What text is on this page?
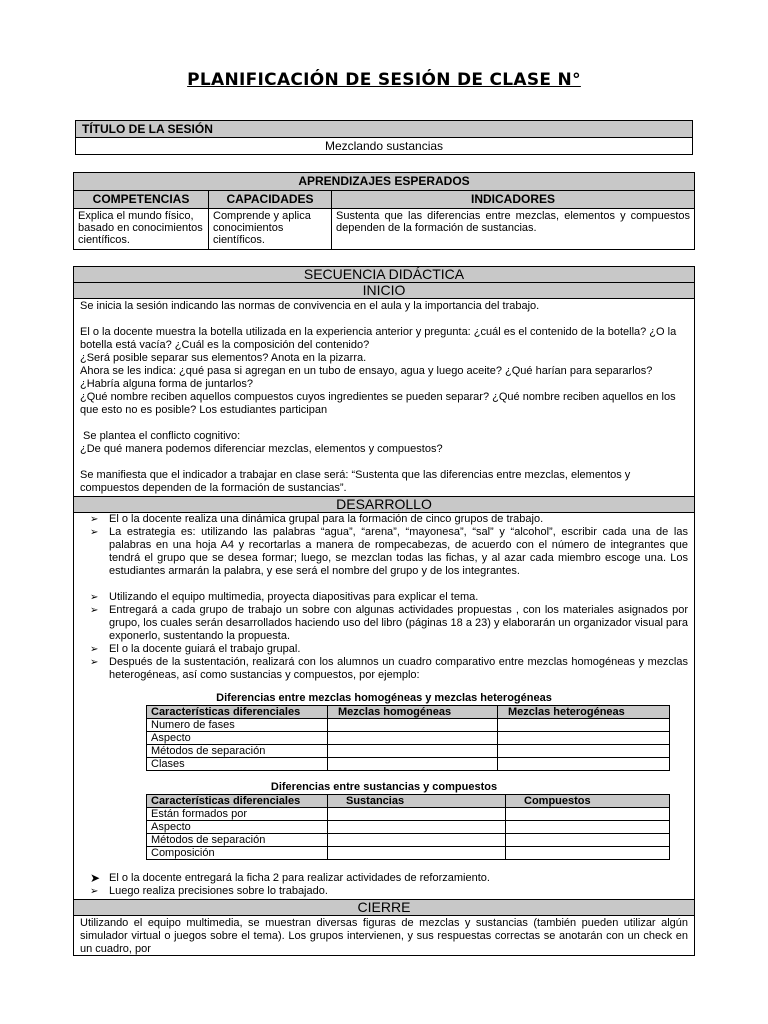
PLANIFICACIÓN DE SESIÓN DE CLASE N°
TÍTULO DE LA SESIÓN
Mezclando sustancias
APRENDIZAJES ESPERADOS		
COMPETENCIAS	CAPACIDADES	INDICADORES
Explica el mundo físico, basado en conocimientos científicos.	Comprende y aplica conocimientos científicos.	Sustenta que las diferencias entre mezclas, elementos y compuestos dependen de la formación de sustancias.
SECUENCIA DIDÁCTICA
INICIO

Se inicia la sesión indicando las normas de convivencia en el aula y la importancia del trabajo.

El o la docente muestra la botella utilizada en la experiencia anterior y pregunta: ¿cuál es el contenido de la botella? ¿O la botella está vacía? ¿Cuál es la composición del contenido?

¿Será posible separar sus elementos? Anota en la pizarra.

Ahora se les indica: ¿qué pasa si agregan en un tubo de ensayo, agua y luego aceite? ¿Qué harían para separarlos? ¿Habría alguna forma de juntarlos?

¿Qué nombre reciben aquellos compuestos cuyos ingredientes se pueden separar? ¿Qué nombre reciben aquellos en los que esto no es posible? Los estudiantes participan

Se plantea el conflicto cognitivo:

¿De qué manera podemos diferenciar mezclas, elementos y compuestos?

Se manifiesta que el indicador a trabajar en clase será: “Sustenta que las diferencias entre mezclas, elementos y compuestos dependen de la formación de sustancias”.

DESARROLLO
➢ El o la docente realiza una dinámica grupal para la formación de cinco grupos de trabajo.
➢ La estrategia es: utilizando las palabras “agua”, “arena”, “mayonesa”, “sal” y “alcohol”, escribir cada una de las palabras en una hoja A4 y recortarlas a manera de rompecabezas, de acuerdo con el número de integrantes que tendrá el grupo que se desea formar; luego, se mezclan todas las fichas, y al azar cada miembro escoge una. Los estudiantes armarán la palabra, y ese será el nombre del grupo y de los integrantes.
➢ Utilizando el equipo multimedia, proyecta diapositivas para explicar el tema.
➢ Entregará a cada grupo de trabajo un sobre con algunas actividades propuestas , con los materiales asignados por grupo, los cuales serán desarrollados haciendo uso del libro (páginas 18 a 23) y elaborarán un organizador visual para exponerlo, sustentando la propuesta.
➢ El o la docente guiará el trabajo grupal.
➢ Después de la sustentación, realizará con los alumnos un cuadro comparativo entre mezclas homogéneas y mezclas heterogéneas, así como sustancias y compuestos, por ejemplo:
Diferencias entre mezclas homogéneas y mezclas heterogéneas
Características diferenciales	Mezclas homogéneas	Mezclas heterogéneas
Numero de fases		
Aspecto		
Métodos de separación		
Clases		
Diferencias entre sustancias y compuestos
Características diferenciales	Sustancias	Compuestos
Están formados por		
Aspecto		
Métodos de separación		
Composición		
➤ El o la docente entregará la ficha 2 para realizar actividades de reforzamiento.
➢ Luego realiza precisiones sobre lo trabajado.
CIERRE
Utilizando el equipo multimedia, se muestran diversas figuras de mezclas y sustancias (también pueden utilizar algún simulador virtual o juegos sobre el tema). Los grupos intervienen, y sus respuestas correctas se anotarán con un check en un cuadro, por
